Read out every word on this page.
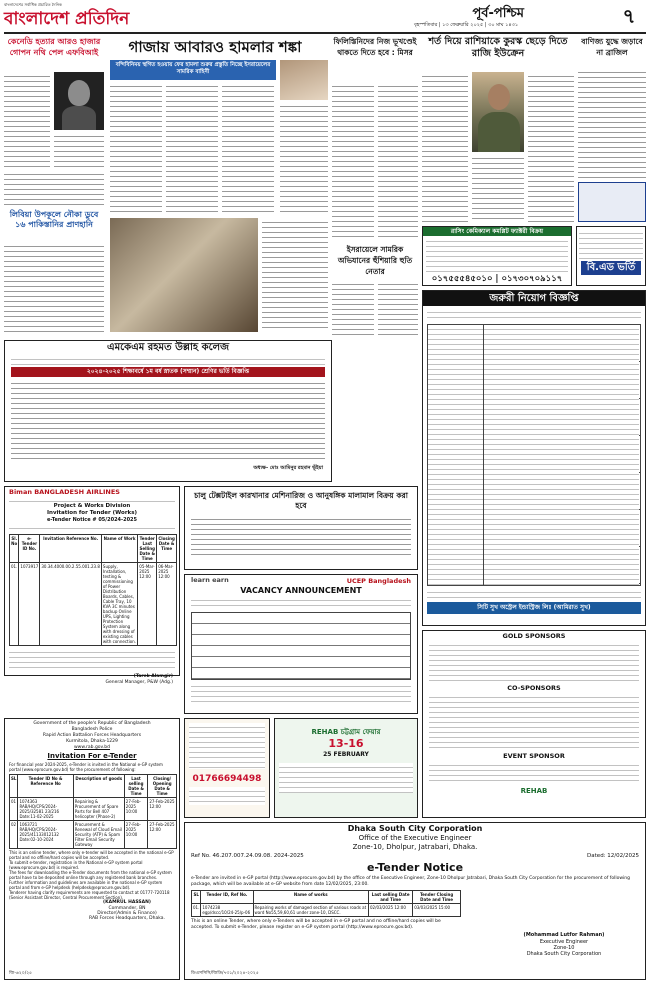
বাংলাদেশের সর্বাধিক প্রচারিত দৈনিক
বাংলাদেশ প্রতিদিন	পূর্ব-পশ্চিম
বৃহস্পতিবার | ১৩ ফেব্রুয়ারি ২০২৫ | ৩০ মাঘ ১৪৩১	৭
কেনেডি হত্যার আরও হাজার গোপন নথি পেল এফবিআই
লিবিয়া উপকূলে নৌকা ডুবে ১৬ পাকিস্তানির প্রাণহানি
গাজায় আবারও হামলার শঙ্কা
বন্দিবিনিময় স্থগিত হওয়ায় ফের হামলা শুরুর প্রস্তুতি নিচ্ছে ইসরায়েলের সামরিক বাহিনী
ফিলিস্তিনিদের নিজ ভূখণ্ডেই থাকতে দিতে হবে : মিসর
ইসরায়েলে সামরিক অভিযানের হুঁশিয়ারি হুতি নেতার
শর্ত দিয়ে রাশিয়াকে কুরস্ক ছেড়ে দিতে রাজি ইউক্রেন
বাণিজ্য যুদ্ধে জড়াবে না ব্রাজিল
রাসিং কেমিক্যাল কমপ্লিট ফ্যাক্টরী বিক্রয়
০১৭৫৫৫৪৫০১০ | ০১৭৩০৭০৯১১৭
বি.এড ভর্তি
জরুরী নিয়োগ বিজ্ঞপ্তি
সিটি সুখ অস্ট্রেল ইন্ডাস্ট্রিজ লিঃ (আমিরাত সুখ)
এমকেএম রহমত উল্লাহ কলেজ
২০২৪-২০২৫ শিক্ষাবর্ষে ১ম বর্ষ স্নাতক (সম্মান) শ্রেণির ভর্তি বিজ্ঞপ্তি
অধ্যক্ষ- মোঃ আমিনুর রহমান ভূঁইয়া
Biman BANGLADESH AIRLINES
Project & Works Division
Invitation for Tender (Works)
e-Tender Notice # 05/2024-2025
Sl. No	e-Tender ID No.	Invitation Reference No.	Name of Work	Tender Last Selling Date & Time	Closing Date & Time
01.	1073917	30.34.4000.00.2.55.001.23.8	Supply, Installation, testing & commissioning of Power Distribution Boards, Cables, Cable Tray, 10 KVA 3C minutes backup Online UPS, Lighting Protection System along with dressing of existing cables with connection.	05-Mar-2025 12:00	06-Mar-2025 12:00
(Tarek Alamgir)
General Manager, P&W (Adg.)
চালু টেক্সটাইল কারখানার মেশিনারিজ ও আনুষঙ্গিক মালামাল বিক্রয় করা হবে
learn earn	UCEP Bangladesh
VACANCY ANNOUNCEMENT
01766694498
REHAB চট্টগ্রাম ফেয়ার
13-16
25 FEBRUARY
GOLD SPONSORS
CO-SPONSORS
EVENT SPONSOR
REHAB
Government of the people's Republic of Bangladesh
Bangladesh Police
Rapid Action Battalion Forces Headquarters
Kurmitola, Dhaka-1229
www.rab.gov.bd
Invitation For e-Tender
For financial year 2024-2025, e-Tender is invited in the National e-GP system portal (www.eprocure.gov.bd) for the procurement of following:
SL	Tender ID No & Reference No	Description of goods	Last selling Date & Time	Closing/ Opening Date & Time
01	1074363 RAB/HQ/CPS/2024-2025/32581 23/216 Date:11-02-2025	Repairing & Procurement of Spare Parts for Bell 407 helicopter (Phase-2)	27-Feb-2025 10:00	27-Feb-2025 12:00
02	1063721 RAB/HQ/CPS/2024-2025/41133012132 Date:02-10-2024	Procurement & Renewal of Cloud Email Security (ATP) & Spam Filter Email Security Gateway	27-Feb-2025 10:00	27-Feb-2025 12:00
This is an online tender, where only e-tender will be accepted in the national e-GP portal and no offline/hard copies will be accepted.
To submit e-tender, registration in the National e-GP system portal (www.eprocure.gov.bd) is required.
The fees for downloading the e-Tender documents from the national e-GP system portal have to be deposited online through any registered bank branches.
Further information and guidelines are available in the national e-GP system portal and from e-GP helpdesk (helpdesk@eprocure.gov.bd).
Tenderer having clarify requirements are requested to contact at 01777-720118 (Senior Assistant Director, Central Procurement Section).
(KAMRUL HASSAN)
Commander, BN
Director(Admin & Finance)
RAB Forces Headquarters, Dhaka.
জি-৬২০/২৫
Dhaka South City Corporation
Office of the Executive Engineer
Zone-10, Dholpur, Jatrabari, Dhaka.
Ref No. 46.207.007.24.09.08. 2024-2025	Dated: 12/02/2025
e-Tender Notice
e-Tender are invited in e-GP portal (http://www.eprocure.gov.bd) by the office of the Executive Engineer, Zone-10 Dholpur Jatrabari, Dhaka South City Corporation for the procurement of following package, which will be available at e-GP website from date 12/02/2025, 23:00.
SL	Tender ID, Ref No.	Name of works	Last selling Date and Time	Tender Closing Date and Time
01.	1074238 egp/dscc/10/24-25/p-06	Repairing works of damaged section of various roads at ward No55,59,60,61 under zone-10, DSCC.	02/03/2025 12:00	03/03/2025 15:00
This is an online Tender, where only e-Tenders will be accepted in e-GP portal and no offline/hard copies will be accepted. To submit e-Tender, please register on e-GP system portal (http://www.eprocure.gov.bd).
(Mohammad Lutfor Rahman)
Executive Engineer
Zone-10
Dhaka South City Corporation
ডিএসসিসি/জিডি/৭৩১/২০২৪-২০২৫
